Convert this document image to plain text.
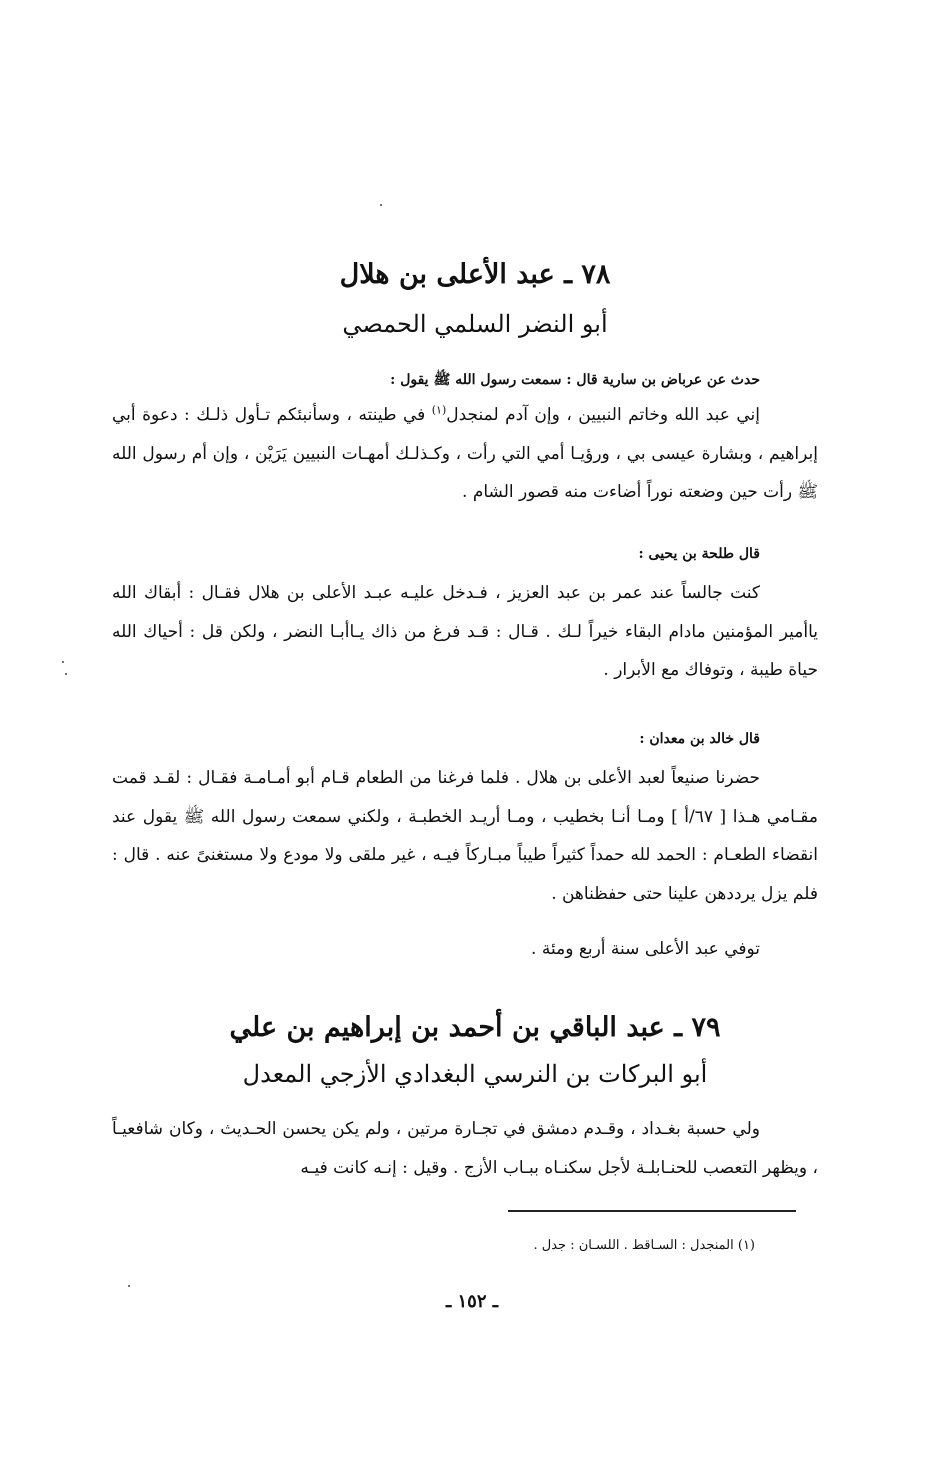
٧٨ ـ عبد الأعلى بن هلال
أبو النضر السلمي الحمصي
حدث عن عرباض بن سارية قال : سمعت رسول الله ﷺ يقول :
إني عبد الله وخاتم النبيين ، وإن آدم لمنجدل$^{(١)}$ في طينته ، وسأنبئكم تـأول ذلـك : دعوة أبي إبراهيم ، وبشارة عيسى بي ، ورؤيـا أمي التي رأت ، وكـذلـك أمهـات النبيين يَرَيْن ، وإن أم رسول الله ﷺ رأت حين وضعته نوراً أضاءت منه قصور الشام .
قال طلحة بن يحيى :
كنت جالساً عند عمر بن عبد العزيز ، فـدخل عليـه عبـد الأعلى بن هلال فقـال : أبقاك الله ياأمير المؤمنين مادام البقاء خيراً لـك . قـال : قـد فرغ من ذاك يـاأبـا النضر ، ولكن قل : أحياك الله حياة طيبة ، وتوفاك مع الأبرار .
قال خالد بن معدان :
حضرنا صنيعاً لعبد الأعلى بن هلال . فلما فرغنا من الطعام قـام أبو أمـامـة فقـال : لقـد قمت مقـامي هـذا [ ٦٧/أ ] ومـا أنـا بخطيب ، ومـا أريـد الخطبـة ، ولكني سمعت رسول الله ﷺ يقول عند انقضاء الطعـام : الحمد لله حمداً كثيراً طيباً مبـاركاً فيـه ، غير ملقى ولا مودع ولا مستغنىً عنه . قال : فلم يزل يرددهن علينا حتى حفظناهن .
توفي عبد الأعلى سنة أربع ومئة .
٧٩ ـ عبد الباقي بن أحمد بن إبراهيم بن علي
أبو البركات بن النرسي البغدادي الأزجي المعدل
ولي حسبة بغـداد ، وقـدم دمشق في تجـارة مرتين ، ولم يكن يحسن الحـديث ، وكان شافعيـاً ، ويظهر التعصب للحنـابلـة لأجل سكنـاه ببـاب الأزج . وقيل : إنـه كانت فيـه
(١) المنجدل : السـاقط . اللسـان : جدل .
ـ ١٥٢ ـ
